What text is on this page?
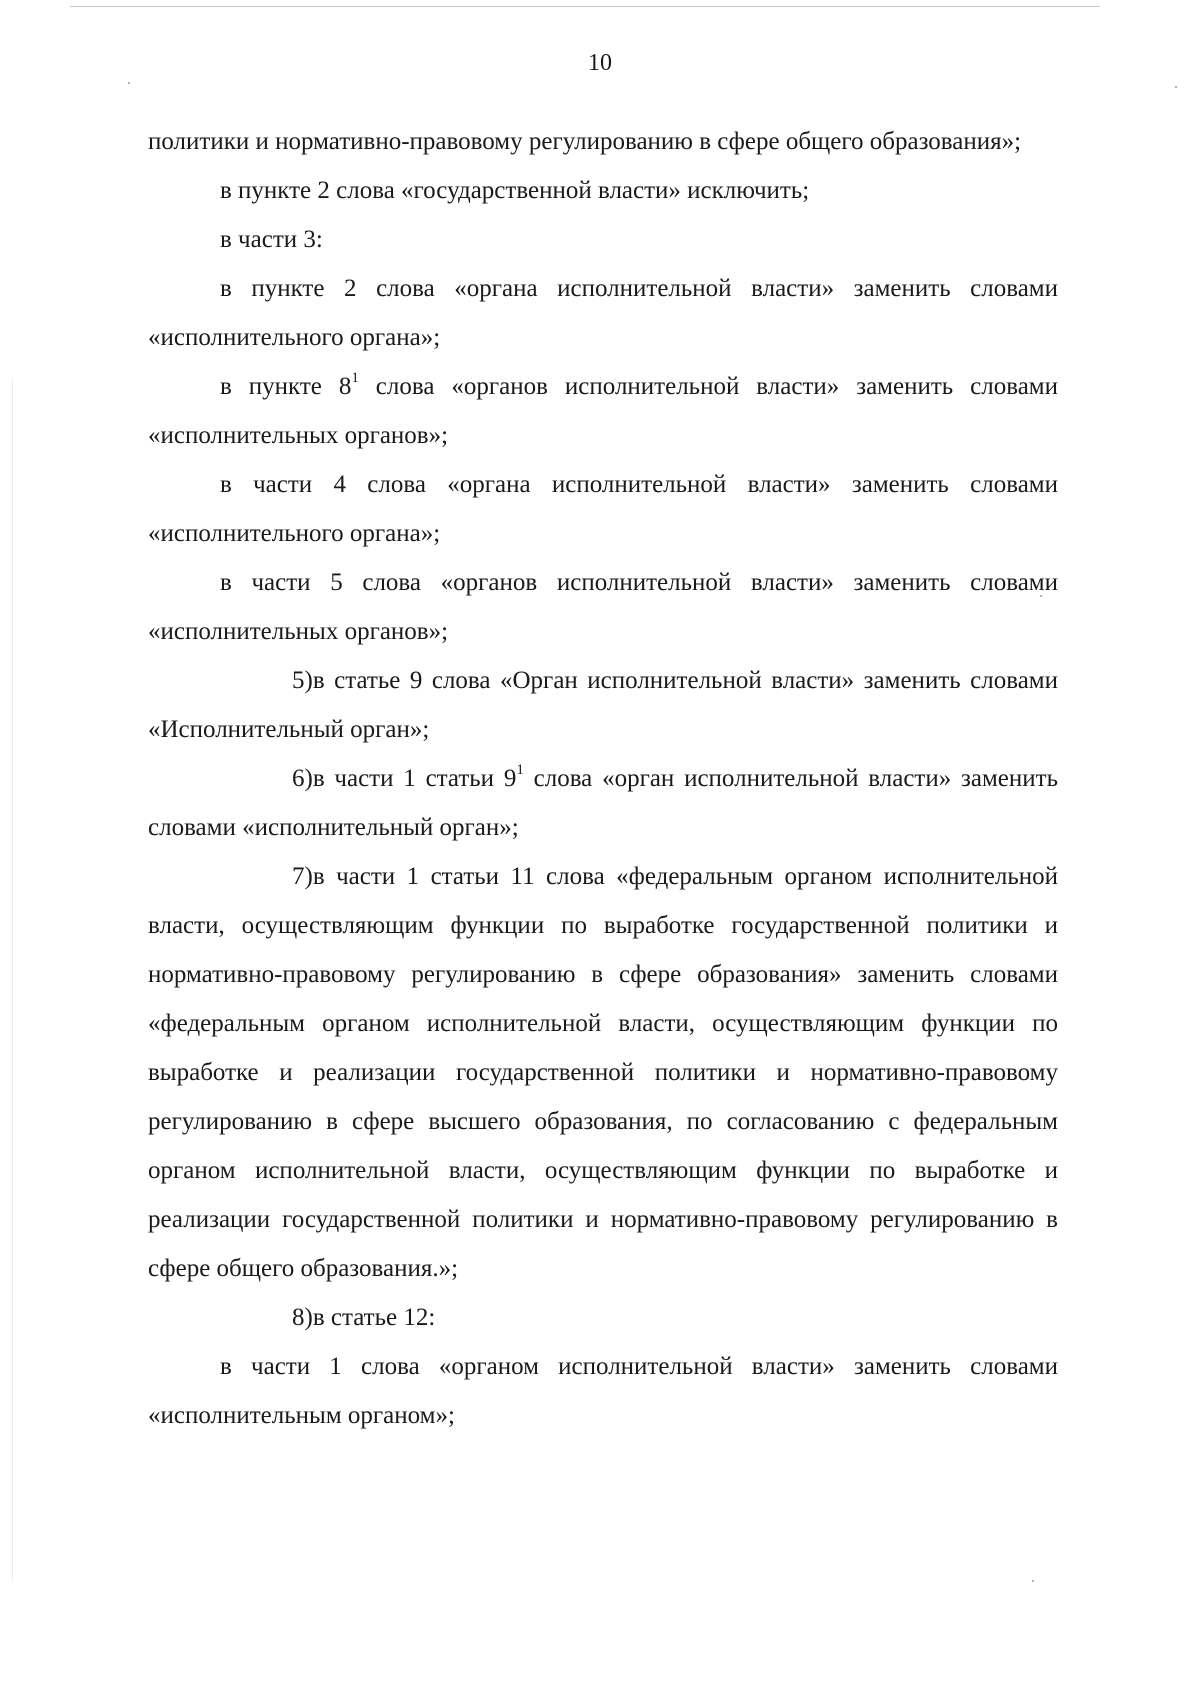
10

политики и нормативно-правовому регулированию в сфере общего образования»;

в пункте 2 слова «государственной власти» исключить;

в части 3:

в пункте 2 слова «органа исполнительной власти» заменить словами «исполнительного органа»;

в пункте $8^1$ слова «органов исполнительной власти» заменить словами «исполнительных органов»;

в части 4 слова «органа исполнительной власти» заменить словами «исполнительного органа»;

в части 5 слова «органов исполнительной власти» заменить словами «исполнительных органов»;

5)в статье 9 слова «Орган исполнительной власти» заменить словами «Исполнительный орган»;

6)в части 1 статьи $9^1$ слова «орган исполнительной власти» заменить словами «исполнительный орган»;

7)в части 1 статьи 11 слова «федеральным органом исполнительной власти, осуществляющим функции по выработке государственной политики и нормативно-правовому регулированию в сфере образования» заменить словами «федеральным органом исполнительной власти, осуществляющим функции по выработке и реализации государственной политики и нормативно-правовому регулированию в сфере высшего образования, по согласованию с федеральным органом исполнительной власти, осуществляющим функции по выработке и реализации государственной политики и нормативно-правовому регулированию в сфере общего образования.»;

8)в статье 12:

в части 1 слова «органом исполнительной власти» заменить словами «исполнительным органом»;
